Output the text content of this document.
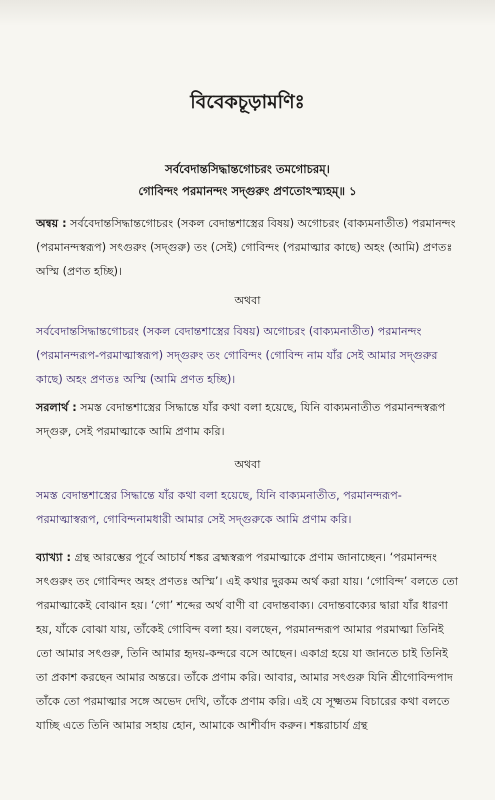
বিবেকচূড়ামণিঃ
সর্ববেদান্তসিদ্ধান্তগোচরং তমগোচরম্‌।
গোবিন্দং পরমানন্দং সদ্‌গুরুং প্রণতোঽস্ম্যহম্‌॥ ১

অন্বয় : সর্ববেদান্তসিদ্ধান্তগোচরং (সকল বেদান্তশাস্ত্রের বিষয়) অগোচরং (বাক্যমনাতীত) পরমানন্দং (পরমানন্দস্বরূপ) সৎগুরুং (সদ্গুরু) তং (সেই) গোবিন্দং (পরমাত্মার কাছে) অহং (আমি) প্রণতঃ অস্মি (প্রণত হচ্ছি)।

অথবা

সর্ববেদান্তসিদ্ধান্তগোচরং (সকল বেদান্তশাস্ত্রের বিষয়) অগোচরং (বাক্যমনাতীত) পরমানন্দং (পরমানন্দরূপ-পরমাত্মাস্বরূপ) সদ্‌গুরুং তং গোবিন্দং (গোবিন্দ নাম যাঁর সেই আমার সদ্‌গুরুর কাছে) অহং প্রণতঃ অস্মি (আমি প্রণত হচ্ছি)।

সরলার্থ : সমস্ত বেদান্তশাস্ত্রের সিদ্ধান্তে যাঁর কথা বলা হয়েছে, যিনি বাক্যমনাতীত পরমানন্দস্বরূপ সদ্‌গুরু, সেই পরমাত্মাকে আমি প্রণাম করি।

অথবা

সমস্ত বেদান্তশাস্ত্রের সিদ্ধান্তে যাঁর কথা বলা হয়েছে, যিনি বাক্যমনাতীত, পরমানন্দরূপ-পরমাত্মাস্বরূপ, গোবিন্দনামধারী আমার সেই সদ্‌গুরুকে আমি প্রণাম করি।

ব্যাখ্যা : গ্রন্থ আরম্ভের পূর্বে আচার্য শঙ্কর ব্রহ্মস্বরূপ পরমাত্মাকে প্রণাম জানাচ্ছেন। ‘পরমানন্দং সৎগুরুং তং গোবিন্দং অহং প্রণতঃ অস্মি’। এই কথার দুরকম অর্থ করা যায়। ‘গোবিন্দ’ বলতে তো পরমাত্মাকেই বোঝান হয়। ‘গো’ শব্দের অর্থ বাণী বা বেদান্তবাক্য। বেদান্তবাক্যের দ্বারা যাঁর ধারণা হয়, যাঁকে বোঝা যায়, তাঁকেই গোবিন্দ বলা হয়। বলছেন, পরমানন্দরূপ আমার পরমাত্মা তিনিই তো আমার সৎগুরু, তিনি আমার হৃদয়-কন্দরে বসে আছেন। একাগ্র হয়ে যা জানতে চাই তিনিই তা প্রকাশ করছেন আমার অন্তরে। তাঁকে প্রণাম করি। আবার, আমার সৎগুরু যিনি শ্রীগোবিন্দপাদ তাঁকে তো পরমাত্মার সঙ্গে অভেদ দেখি, তাঁকে প্রণাম করি। এই যে সূক্ষ্মতম বিচারের কথা বলতে যাচ্ছি এতে তিনি আমার সহায় হোন, আমাকে আশীর্বাদ করুন। শঙ্করাচার্য গ্রন্থ
